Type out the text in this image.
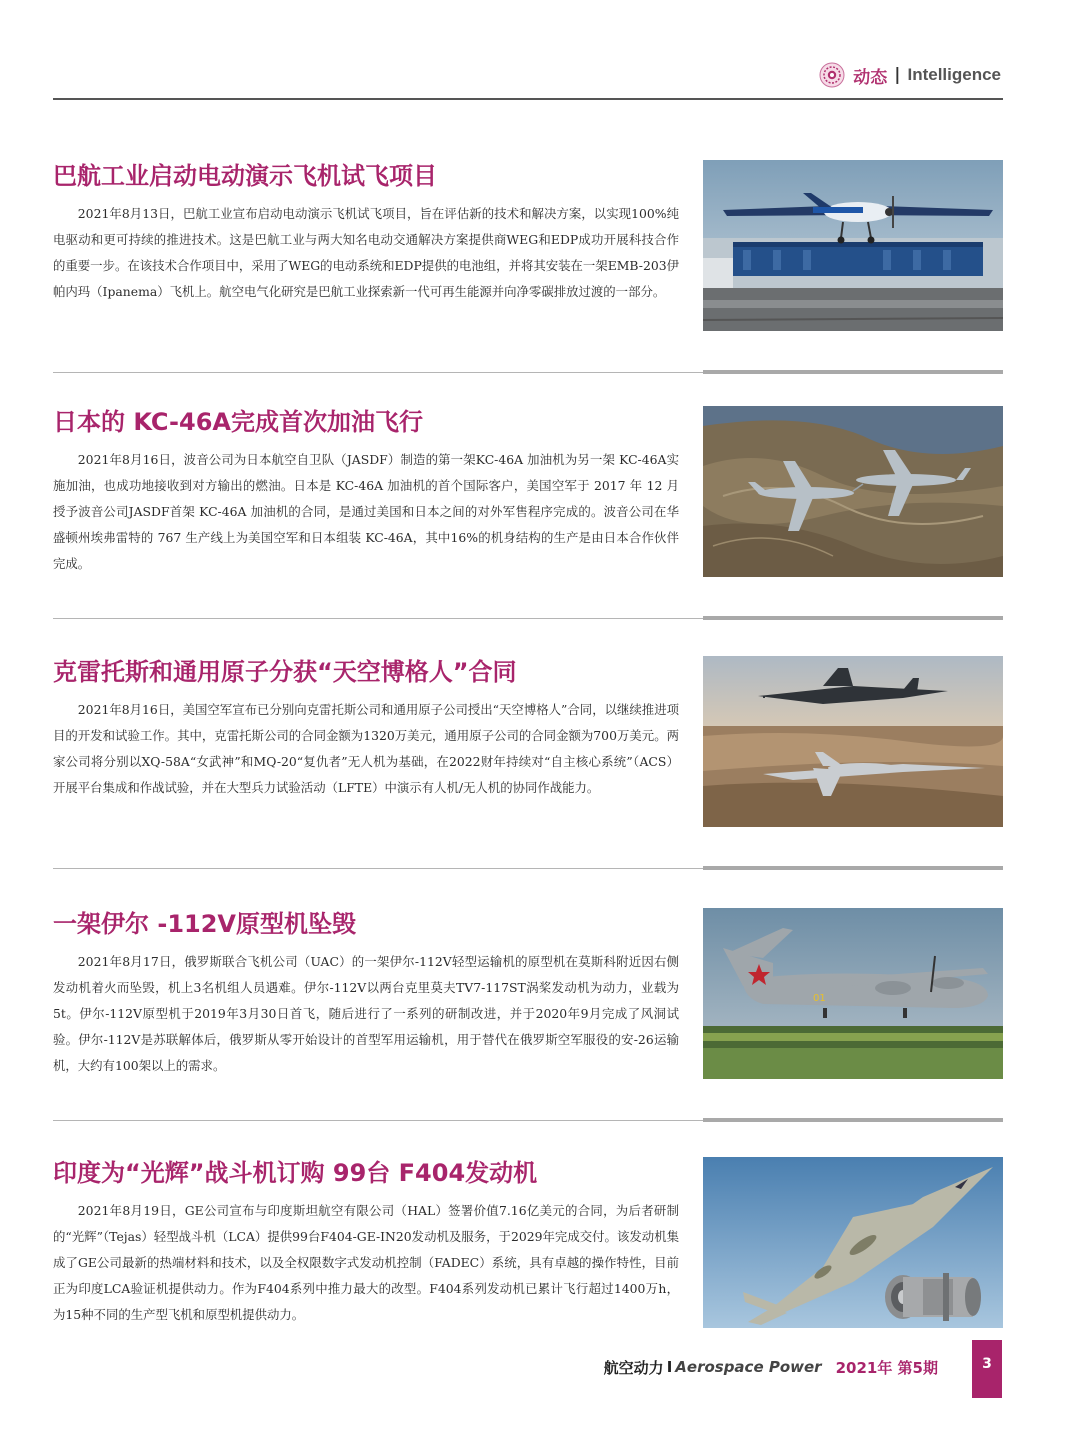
动态 | Intelligence
巴航工业启动电动演示飞机试飞项目

2021年8月13日，巴航工业宣布启动电动演示飞机试飞项目，旨在评估新的技术和解决方案，以实现100%纯电驱动和更可持续的推进技术。这是巴航工业与两大知名电动交通解决方案提供商WEG和EDP成功开展科技合作的重要一步。在该技术合作项目中，采用了WEG的电动系统和EDP提供的电池组，并将其安装在一架EMB-203伊帕内玛（Ipanema）飞机上。航空电气化研究是巴航工业探索新一代可再生能源并向净零碳排放过渡的一部分。

日本的 KC-46A完成首次加油飞行

2021年8月16日，波音公司为日本航空自卫队（JASDF）制造的第一架KC-46A 加油机为另一架 KC-46A实施加油，也成功地接收到对方输出的燃油。日本是 KC-46A 加油机的首个国际客户，美国空军于 2017 年 12 月授予波音公司JASDF首架 KC-46A 加油机的合同，是通过美国和日本之间的对外军售程序完成的。波音公司在华盛顿州埃弗雷特的 767 生产线上为美国空军和日本组装 KC-46A，其中16%的机身结构的生产是由日本合作伙伴完成。

克雷托斯和通用原子分获“天空博格人”合同

2021年8月16日，美国空军宣布已分别向克雷托斯公司和通用原子公司授出“天空博格人”合同，以继续推进项目的开发和试验工作。其中，克雷托斯公司的合同金额为1320万美元，通用原子公司的合同金额为700万美元。两家公司将分别以XQ-58A“女武神”和MQ-20“复仇者”无人机为基础，在2022财年持续对“自主核心系统”（ACS）开展平台集成和作战试验，并在大型兵力试验活动（LFTE）中演示有人机/无人机的协同作战能力。

一架伊尔 -112V原型机坠毁

2021年8月17日，俄罗斯联合飞机公司（UAC）的一架伊尔-112V轻型运输机的原型机在莫斯科附近因右侧发动机着火而坠毁，机上3名机组人员遇难。伊尔-112V以两台克里莫夫TV7-117ST涡桨发动机为动力，业载为5t。伊尔-112V原型机于2019年3月30日首飞，随后进行了一系列的研制改进，并于2020年9月完成了风洞试验。伊尔-112V是苏联解体后，俄罗斯从零开始设计的首型军用运输机，用于替代在俄罗斯空军服役的安-26运输机，大约有100架以上的需求。

01
印度为“光辉”战斗机订购 99台 F404发动机

2021年8月19日，GE公司宣布与印度斯坦航空有限公司（HAL）签署价值7.16亿美元的合同，为后者研制的“光辉”（Tejas）轻型战斗机（LCA）提供99台F404-GE-IN20发动机及服务，于2029年完成交付。该发动机集成了GE公司最新的热端材料和技术，以及全权限数字式发动机控制（FADEC）系统，具有卓越的操作特性，目前正为印度LCA验证机提供动力。作为F404系列中推力最大的改型。F404系列发动机已累计飞行超过1400万h，为15种不同的生产型飞机和原型机提供动力。

航空动力 I Aerospace Power 2021年 第5期	3
